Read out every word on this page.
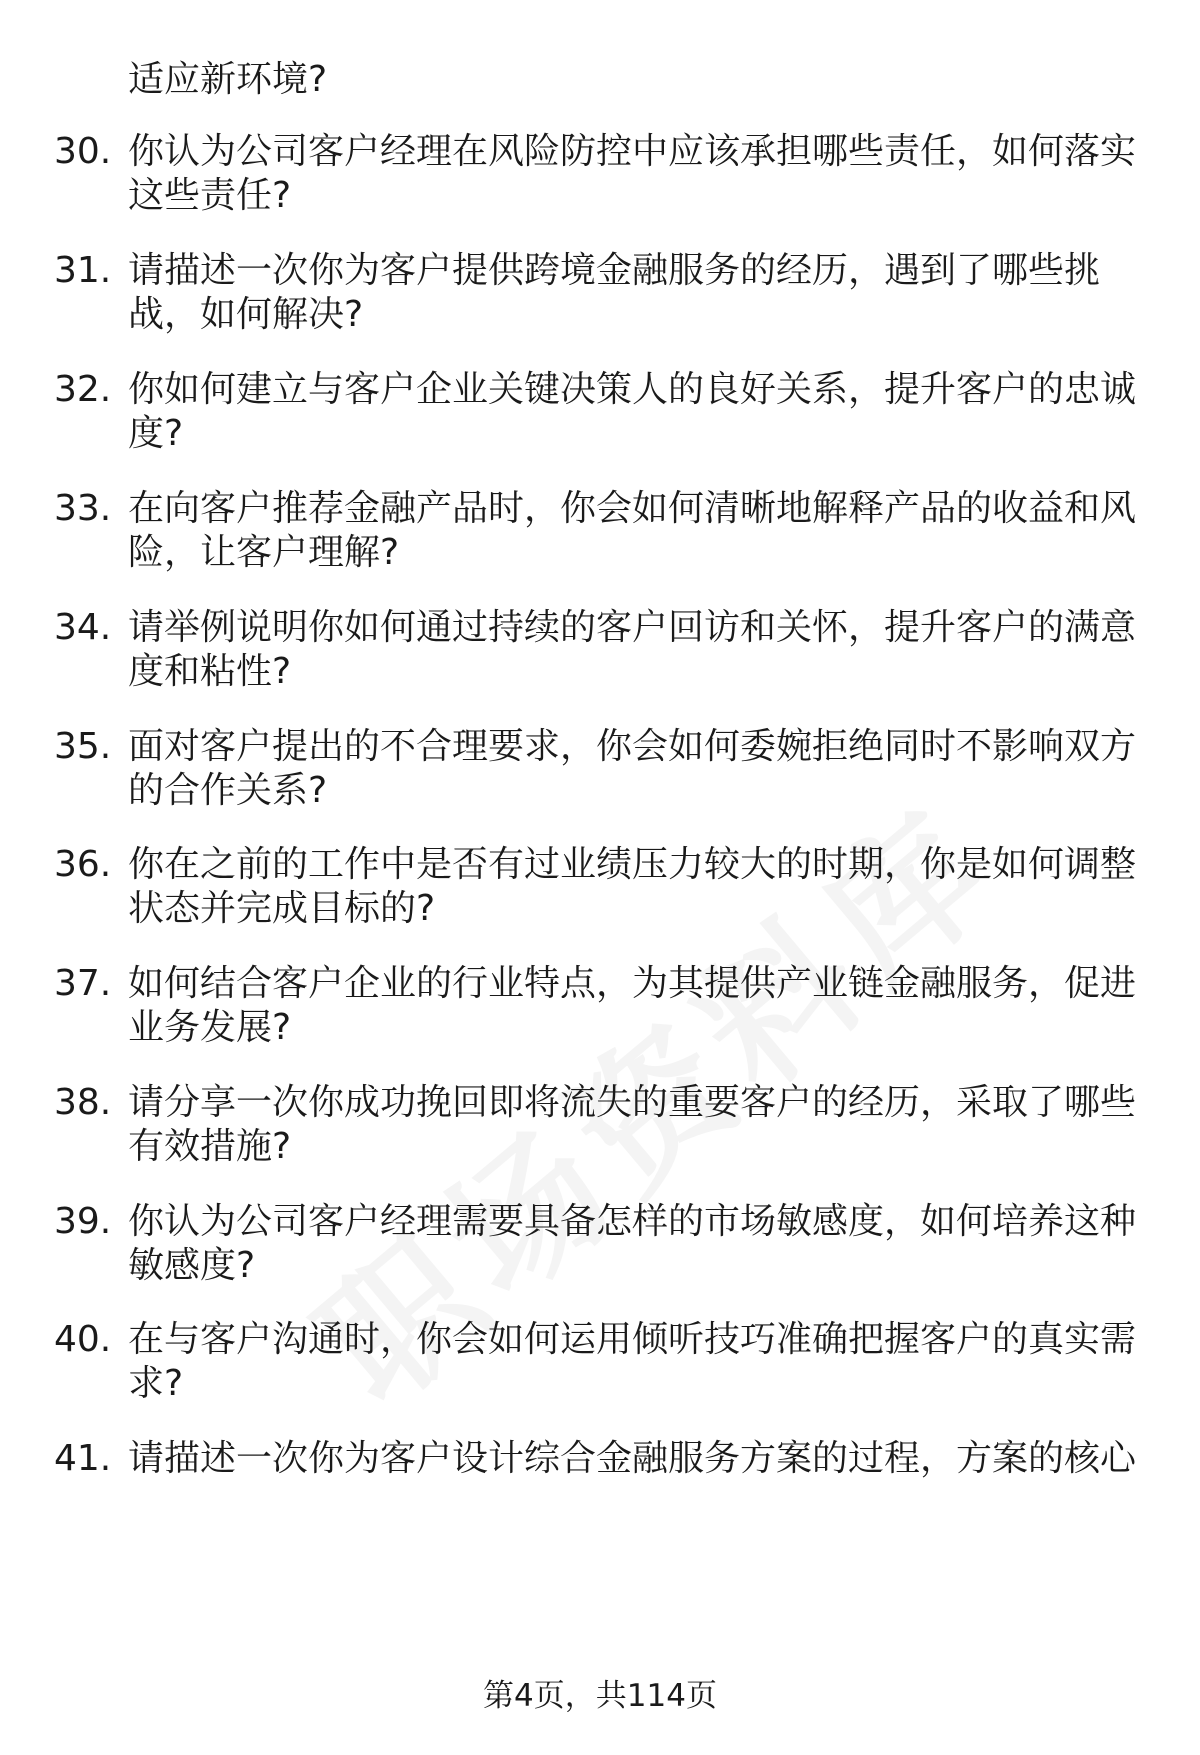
适应新环境?
30. 你认为公司客户经理在风险防控中应该承担哪些责任，如何落实
这些责任?
31. 请描述一次你为客户提供跨境金融服务的经历，遇到了哪些挑
战，如何解决?
32. 你如何建立与客户企业关键决策人的良好关系，提升客户的忠诚
度?
33. 在向客户推荐金融产品时，你会如何清晰地解释产品的收益和风
险，让客户理解?
34. 请举例说明你如何通过持续的客户回访和关怀，提升客户的满意
度和粘性?
35. 面对客户提出的不合理要求，你会如何委婉拒绝同时不影响双方
的合作关系?
36. 你在之前的工作中是否有过业绩压力较大的时期，你是如何调整
状态并完成目标的?
37. 如何结合客户企业的行业特点，为其提供产业链金融服务，促进
业务发展?
38. 请分享一次你成功挽回即将流失的重要客户的经历，采取了哪些
有效措施?
39. 你认为公司客户经理需要具备怎样的市场敏感度，如何培养这种
敏感度?
40. 在与客户沟通时，你会如何运用倾听技巧准确把握客户的真实需
求?
41. 请描述一次你为客户设计综合金融服务方案的过程，方案的核心
第4页，共114页
